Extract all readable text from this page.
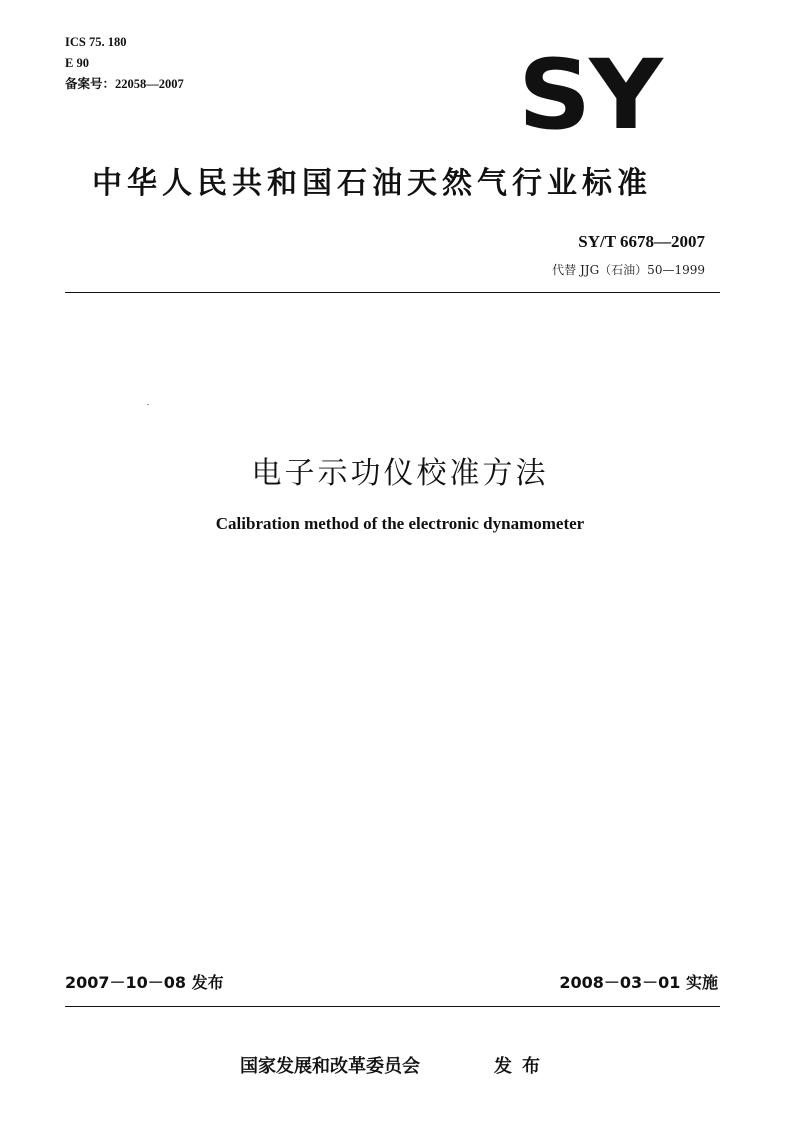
ICS 75. 180
E 90
备案号：22058—2007	SY
中华人民共和国石油天然气行业标准
SY/T 6678—2007
代替 JJG（石油）50—1999
电子示功仪校准方法
Calibration method of the electronic dynamometer
2007－10－08 发布	2008－03－01 实施
国家发展和改革委员会	发布
